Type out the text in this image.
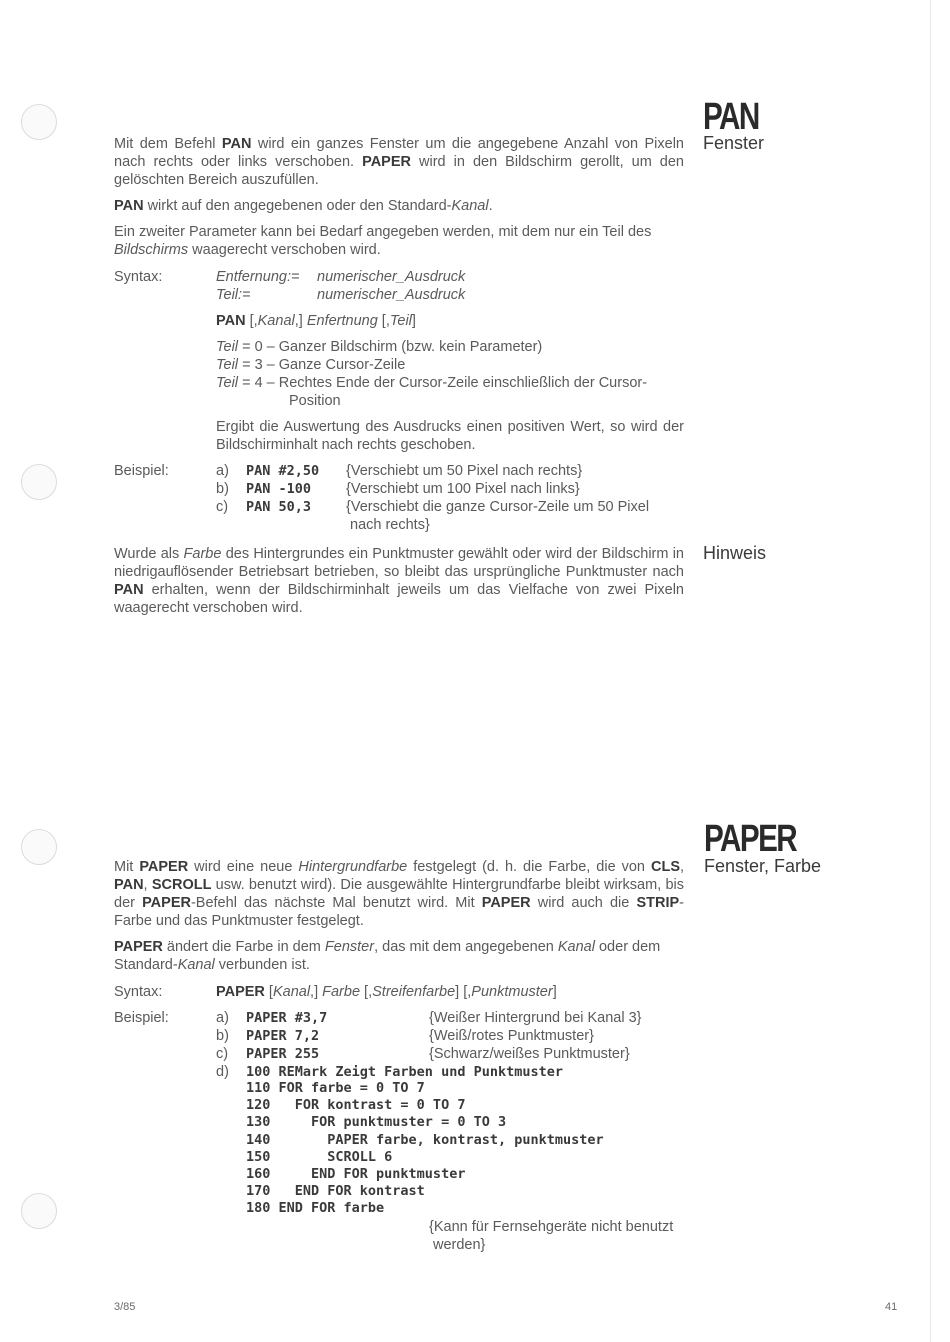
PAN
Fenster

Mit dem Befehl PAN wird ein ganzes Fenster um die angegebene Anzahl von Pixeln nach rechts oder links verschoben. PAPER wird in den Bildschirm gerollt, um den gelöschten Bereich auszufüllen.

PAN wirkt auf den angegebenen oder den Standard-Kanal.

Ein zweiter Parameter kann bei Bedarf angegeben werden, mit dem nur ein Teil des Bildschirms waagerecht verschoben wird.

Syntax:	Entfernung:= numerischer_Ausdruck
Teil:=	numerischer_Ausdruck
PAN [,Kanal,] Enfertnung [,Teil]
Teil = 0 – Ganzer Bildschirm (bzw. kein Parameter)
Teil = 3 – Ganze Cursor-Zeile
Teil = 4 – Rechtes Ende der Cursor-Zeile einschließlich der Cursor-
Position

Ergibt die Auswertung des Ausdrucks einen positiven Wert, so wird der Bildschirminhalt nach rechts geschoben.

Beispiel:	a) PAN #2,50 {Verschiebt um 50 Pixel nach rechts}
b) PAN -100 {Verschiebt um 100 Pixel nach links}
c) PAN 50,3 {Verschiebt die ganze Cursor-Zeile um 50 Pixel
nach rechts}
Hinweis

Wurde als Farbe des Hintergrundes ein Punktmuster gewählt oder wird der Bildschirm in niedrigauflösender Betriebsart betrieben, so bleibt das ursprüngliche Punktmuster nach PAN erhalten, wenn der Bildschirminhalt jeweils um das Vielfache von zwei Pixeln waagerecht verschoben wird.

PAPER
Fenster, Farbe

Mit PAPER wird eine neue Hintergrundfarbe festgelegt (d. h. die Farbe, die von CLS, PAN, SCROLL usw. benutzt wird). Die ausgewählte Hintergrundfarbe bleibt wirksam, bis der PAPER-Befehl das nächste Mal benutzt wird. Mit PAPER wird auch die STRIP-Farbe und das Punktmuster festgelegt.

PAPER ändert die Farbe in dem Fenster, das mit dem angegebenen Kanal oder dem Standard-Kanal verbunden ist.

Syntax:	PAPER [Kanal,] Farbe [,Streifenfarbe] [,Punktmuster]
Beispiel:	a) PAPER #3,7	{Weißer Hintergrund bei Kanal 3}
b) PAPER 7,2	{Weiß/rotes Punktmuster}
c) PAPER 255	{Schwarz/weißes Punktmuster}
d) 100 REMark Zeigt Farben und Punktmuster
110 FOR farbe = 0 TO 7
120   FOR kontrast = 0 TO 7
130     FOR punktmuster = 0 TO 3
140       PAPER farbe, kontrast, punktmuster
150       SCROLL 6
160     END FOR punktmuster
170   END FOR kontrast
180 END FOR farbe
{Kann für Fernsehgeräte nicht benutzt
werden}
3/85	41
